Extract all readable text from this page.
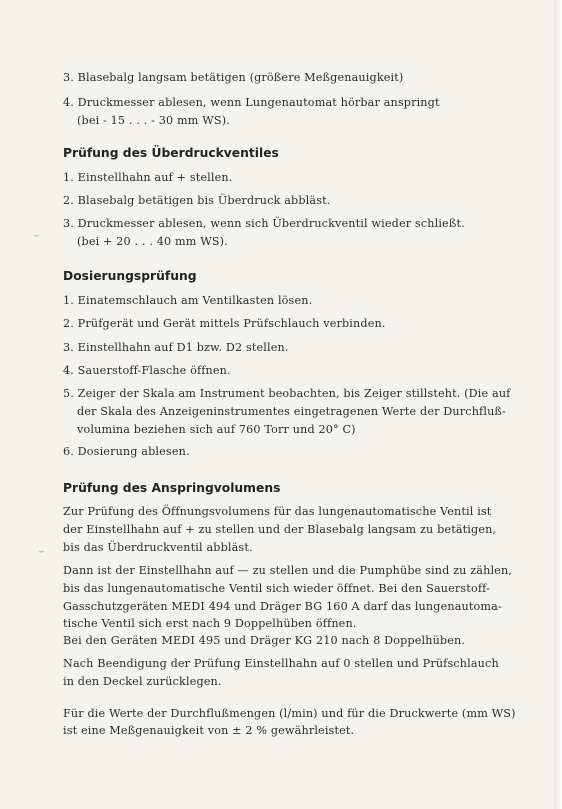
3. Blasebalg langsam betätigen (größere Meßgenauigkeit)
4. Druckmesser ablesen, wenn Lungenautomat hörbar anspringt
(bei - 15 . . . - 30 mm WS).
Prüfung des Überdruckventiles
1. Einstellhahn auf + stellen.
2. Blasebalg betätigen bis Überdruck abbläst.
3. Druckmesser ablesen, wenn sich Überdruckventil wieder schließt.
(bei + 20 . . . 40 mm WS).
Dosierungsprüfung
1. Einatemschlauch am Ventilkasten lösen.
2. Prüfgerät und Gerät mittels Prüfschlauch verbinden.
3. Einstellhahn auf D1 bzw. D2 stellen.
4. Sauerstoff-Flasche öffnen.
5. Zeiger der Skala am Instrument beobachten, bis Zeiger stillsteht. (Die auf
der Skala des Anzeigeninstrumentes eingetragenen Werte der Durchfluß-
volumina beziehen sich auf 760 Torr und 20° C)
6. Dosierung ablesen.
Prüfung des Anspringvolumens
Zur Prüfung des Öffnungsvolumens für das lungenautomatische Ventil ist
der Einstellhahn auf + zu stellen und der Blasebalg langsam zu betätigen,
bis das Überdruckventil abbläst.
Dann ist der Einstellhahn auf — zu stellen und die Pumphübe sind zu zählen,
bis das lungenautomatische Ventil sich wieder öffnet. Bei den Sauerstoff-
Gasschutzgeräten MEDI 494 und Dräger BG 160 A darf das lungenautoma-
tische Ventil sich erst nach 9 Doppelhüben öffnen.
Bei den Geräten MEDI 495 und Dräger KG 210 nach 8 Doppelhüben.
Nach Beendigung der Prüfung Einstellhahn auf 0 stellen und Prüfschlauch
in den Deckel zurücklegen.
Für die Werte der Durchflußmengen (l/min) und für die Druckwerte (mm WS)
ist eine Meßgenauigkeit von ± 2 % gewährleistet.
⌣
⌣
